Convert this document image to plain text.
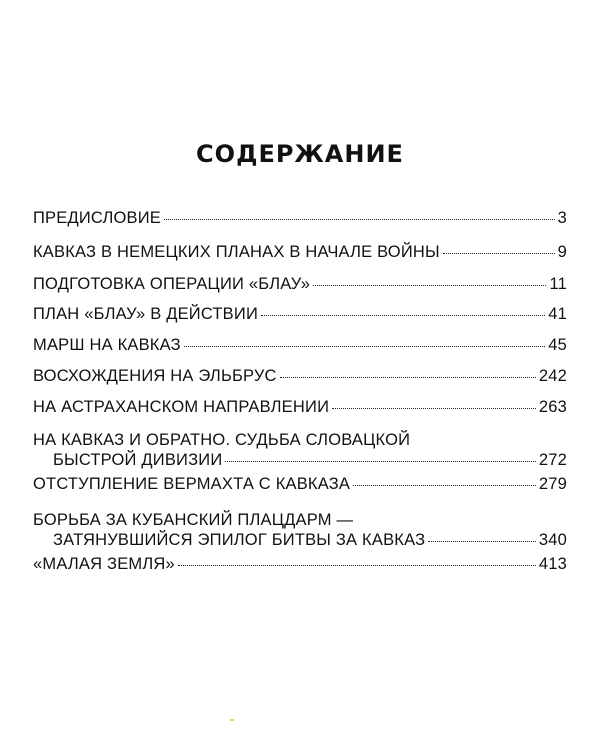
СОДЕРЖАНИЕ
ПРЕДИСЛОВИЕ	3
КАВКАЗ В НЕМЕЦКИХ ПЛАНАХ В НАЧАЛЕ ВОЙНЫ	9
ПОДГОТОВКА ОПЕРАЦИИ «БЛАУ»	11
ПЛАН «БЛАУ» В ДЕЙСТВИИ	41
МАРШ НА КАВКАЗ	45
ВОСХОЖДЕНИЯ НА ЭЛЬБРУС	242
НА АСТРАХАНСКОМ НАПРАВЛЕНИИ	263
НА КАВКАЗ И ОБРАТНО. СУДЬБА СЛОВАЦКОЙ
БЫСТРОЙ ДИВИЗИИ	272
ОТСТУПЛЕНИЕ ВЕРМАХТА С КАВКАЗА	279
БОРЬБА ЗА КУБАНСКИЙ ПЛАЦДАРМ —
ЗАТЯНУВШИЙСЯ ЭПИЛОГ БИТВЫ ЗА КАВКАЗ	340
«МАЛАЯ ЗЕМЛЯ»	413
